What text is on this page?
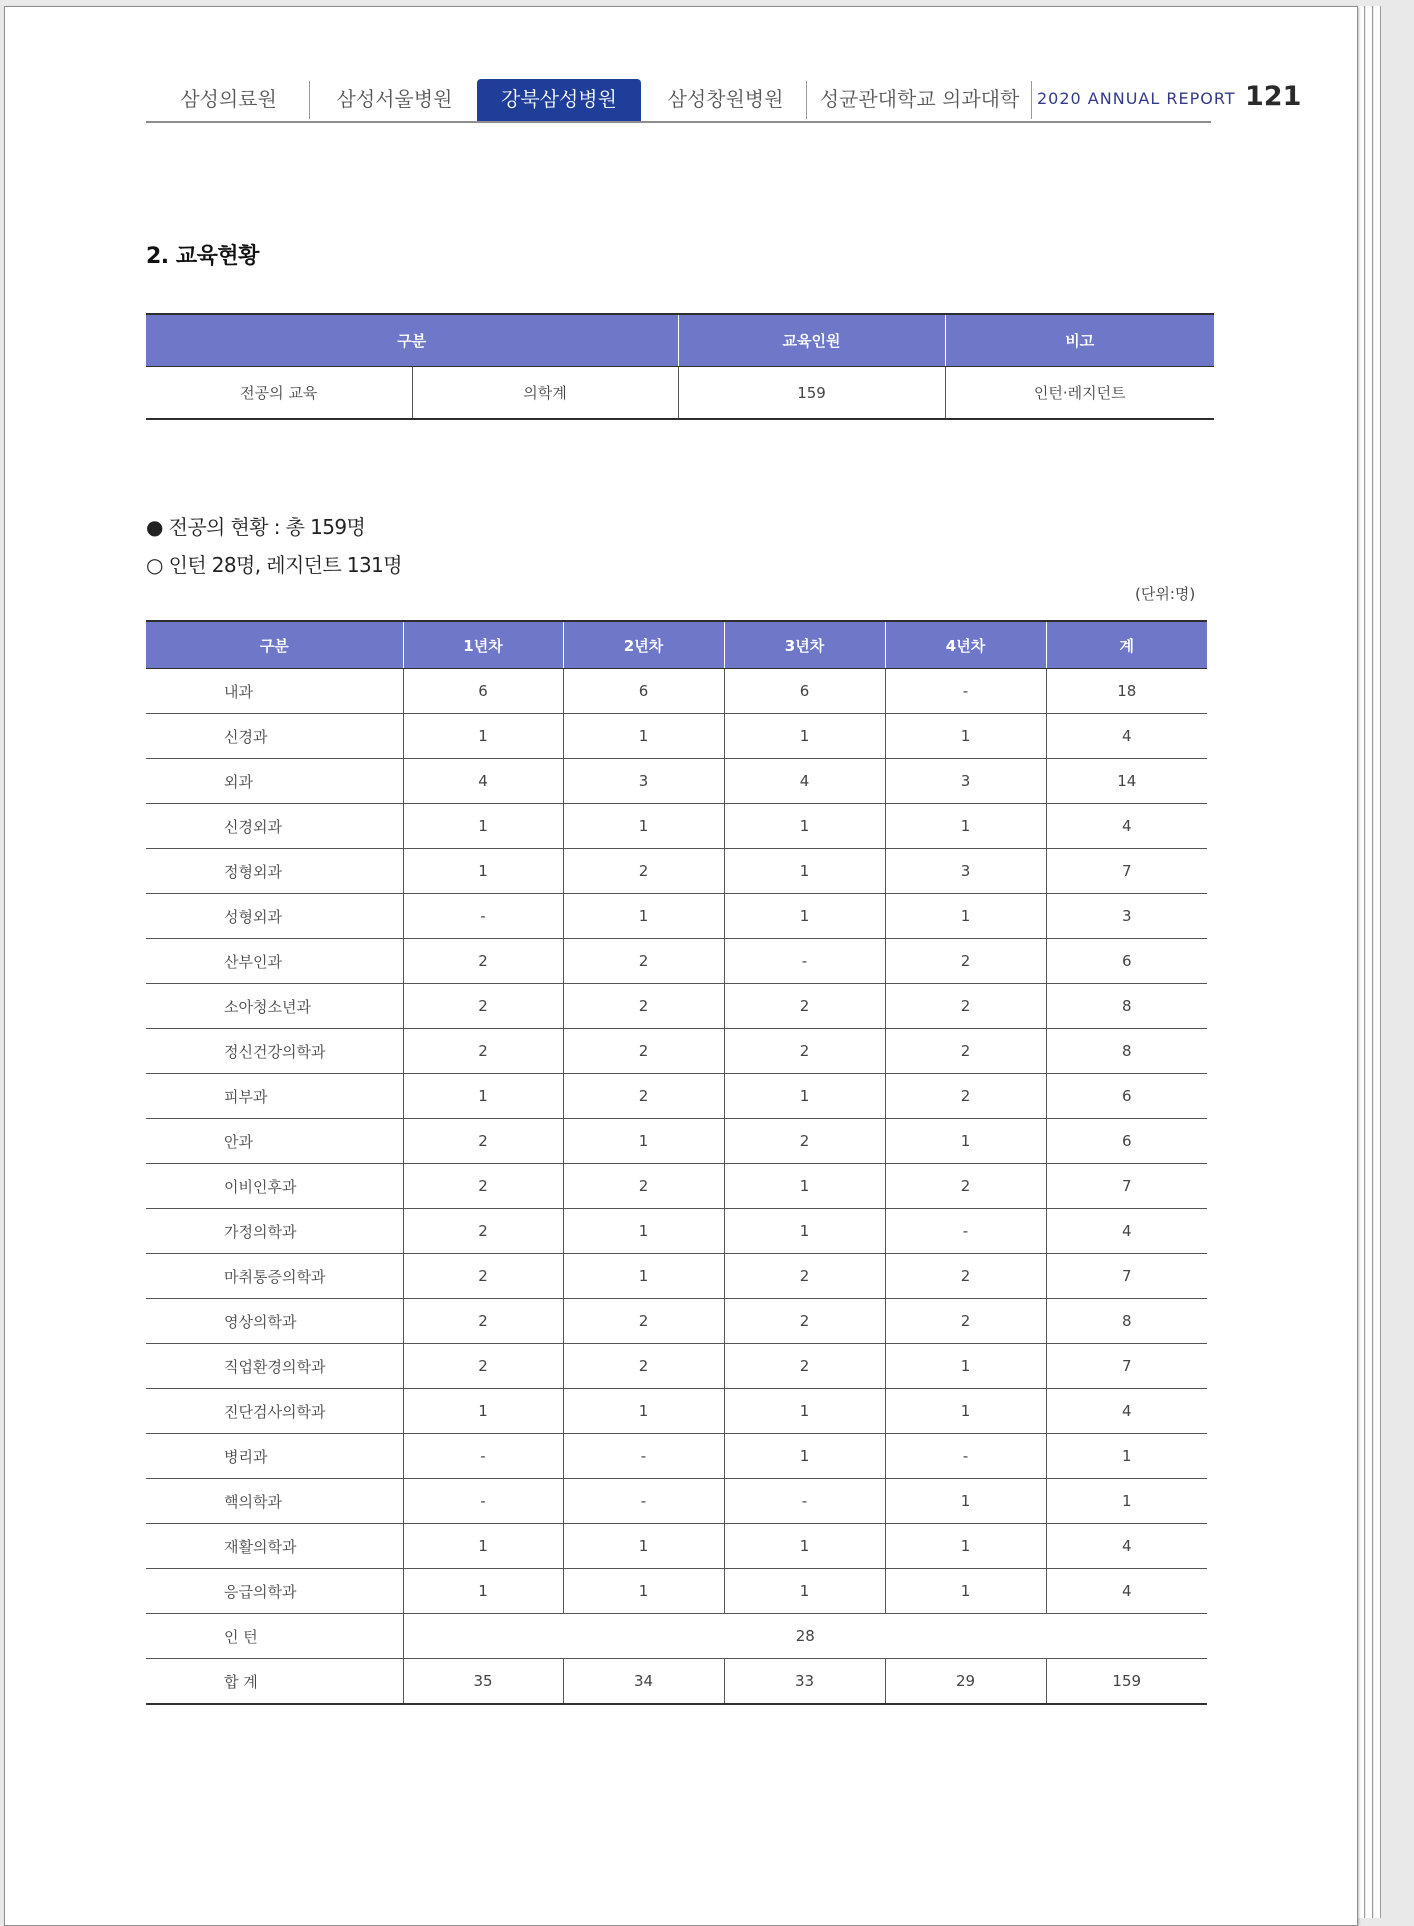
삼성의료원	삼성서울병원	강북삼성병원	삼성창원병원	성균관대학교 의과대학	2020 ANNUAL REPORT 121
2. 교육현황
구분		교육인원	비고
전공의 교육	의학계	159	인턴·레지던트
● 전공의 현황 : 총 159명
○ 인턴 28명, 레지던트 131명
(단위:명)
구분	1년차	2년차	3년차	4년차	계
내과	6	6	6	-	18
신경과	1	1	1	1	4
외과	4	3	4	3	14
신경외과	1	1	1	1	4
정형외과	1	2	1	3	7
성형외과	-	1	1	1	3
산부인과	2	2	-	2	6
소아청소년과	2	2	2	2	8
정신건강의학과	2	2	2	2	8
피부과	1	2	1	2	6
안과	2	1	2	1	6
이비인후과	2	2	1	2	7
가정의학과	2	1	1	-	4
마취통증의학과	2	1	2	2	7
영상의학과	2	2	2	2	8
직업환경의학과	2	2	2	1	7
진단검사의학과	1	1	1	1	4
병리과	-	-	1	-	1
핵의학과	-	-	-	1	1
재활의학과	1	1	1	1	4
응급의학과	1	1	1	1	4
인 턴	28				
합 계	35	34	33	29	159
